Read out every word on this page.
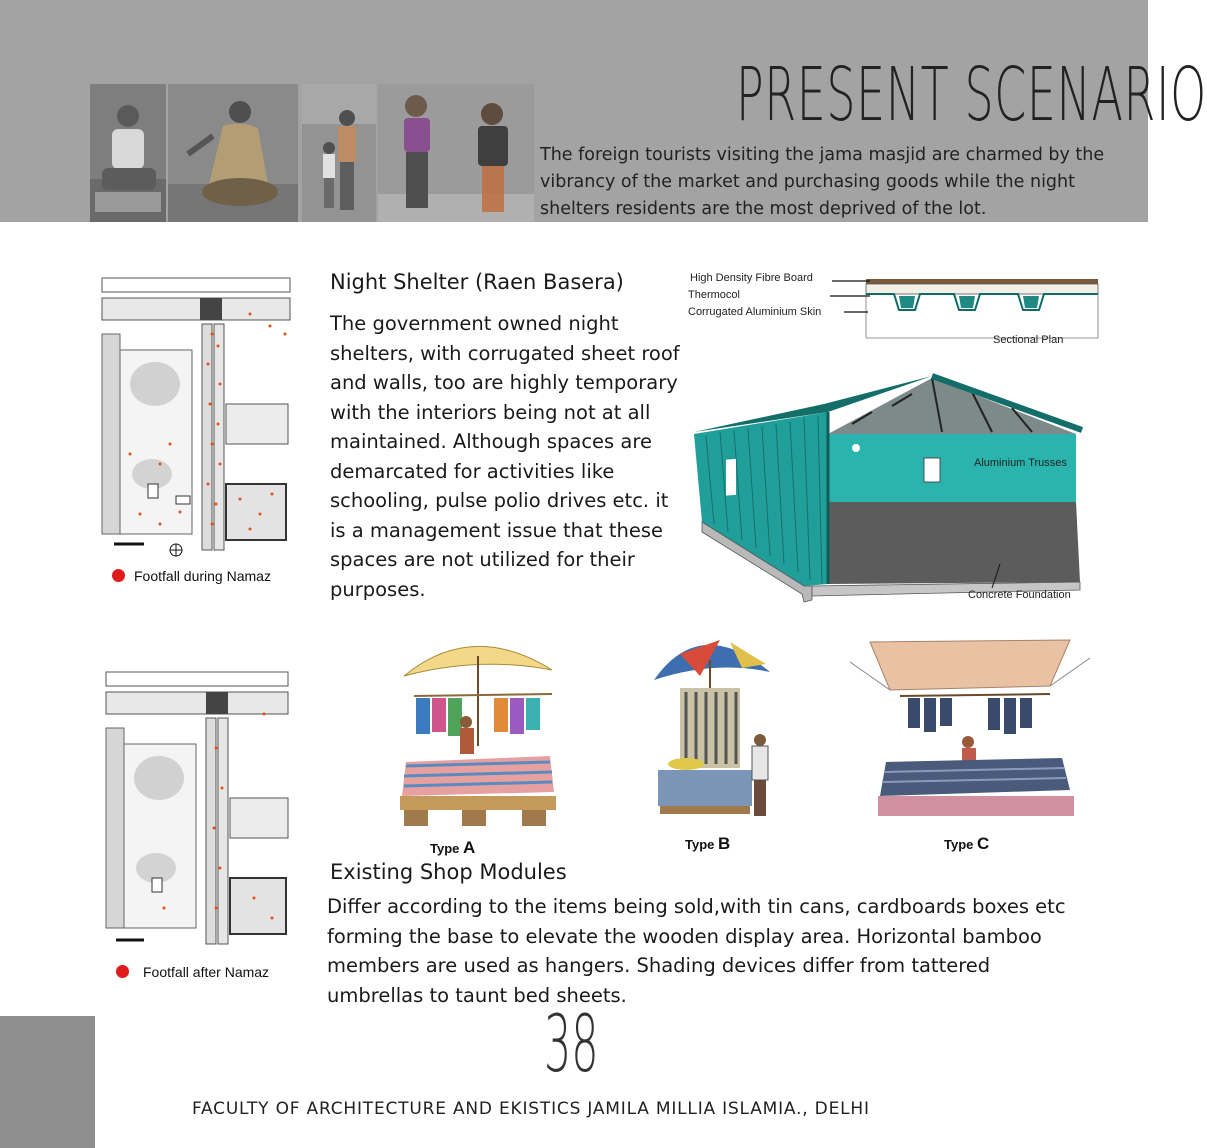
PRESENT SCENARIO
The foreign tourists visiting the jama masjid are charmed by the vibrancy of the market and purchasing goods while the night shelters residents are the most deprived of the lot.
Footfall during Namaz
Footfall after Namaz
Night Shelter (Raen Basera)
The government owned night shelters, with corrugated sheet roof and walls, too are highly temporary with the interiors being not at all maintained. Although spaces are demarcated for activities like schooling, pulse polio drives etc. it is a management issue that these spaces are not utilized for their purposes.
High Density Fibre Board
Thermocol
Corrugated Aluminium Skin
Sectional Plan
Aluminium Trusses
Concrete Foundation
Type A	Type B	Type C
Existing Shop Modules
Differ according to the items being sold,with tin cans, cardboards boxes etc forming the base to elevate the wooden display area. Horizontal bamboo members are used as hangers. Shading devices differ from tattered umbrellas to taunt bed sheets.
38
FACULTY OF ARCHITECTURE AND EKISTICS JAMILA MILLIA ISLAMIA., DELHI
